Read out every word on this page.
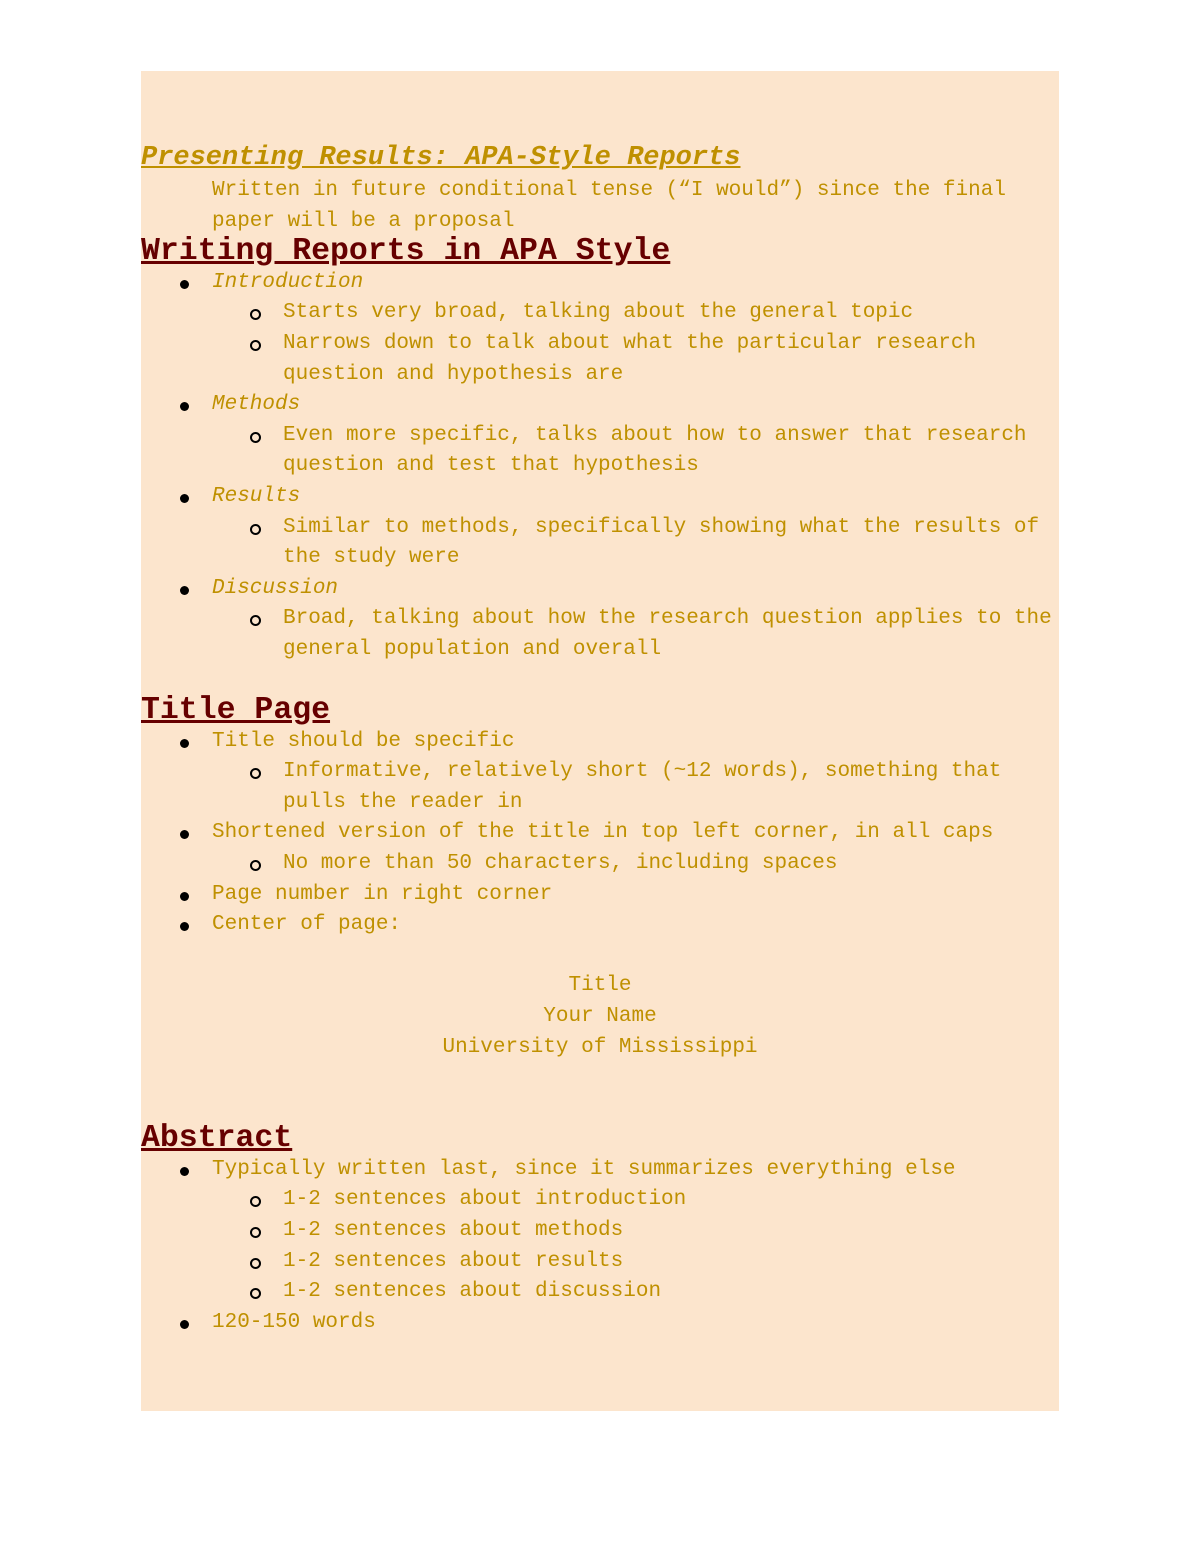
Presenting Results: APA-Style Reports

Written in future conditional tense (“I would”) since the final paper will be a proposal

Writing Reports in APA Style
Introduction
Starts very broad, talking about the general topic
Narrows down to talk about what the particular research question and hypothesis are
Methods
Even more specific, talks about how to answer that research question and test that hypothesis
Results
Similar to methods, specifically showing what the results of the study were
Discussion
Broad, talking about how the research question applies to the general population and overall
Title Page
Title should be specific
Informative, relatively short (~12 words), something that pulls the reader in
Shortened version of the title in top left corner, in all caps
No more than 50 characters, including spaces
Page number in right corner
Center of page:
Title
Your Name
University of Mississippi
Abstract
Typically written last, since it summarizes everything else
1-2 sentences about introduction
1-2 sentences about methods
1-2 sentences about results
1-2 sentences about discussion
120-150 words
